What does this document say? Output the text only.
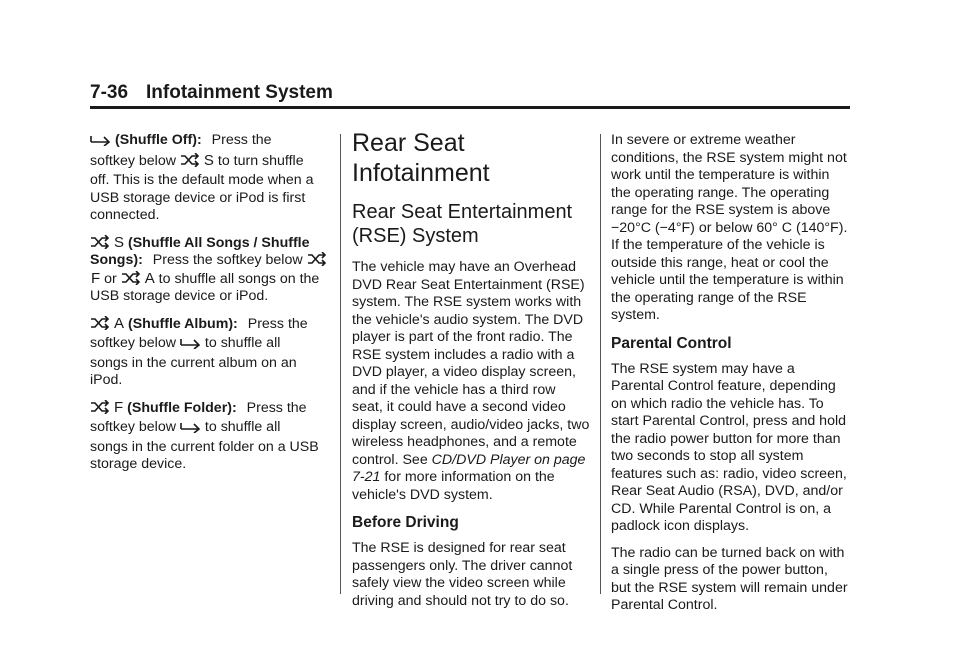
7-36 Infotainment System

(Shuffle Off): Press the

softkey below S to turn shuffle

off. This is the default mode when a USB storage device or iPod is first connected.

S (Shuffle All Songs / Shuffle Songs): Press the softkey below
F or A to shuffle all songs on the USB storage device or iPod.

A (Shuffle Album): Press the

softkey below to shuffle all

songs in the current album on an iPod.

F (Shuffle Folder): Press the

softkey below to shuffle all

songs in the current folder on a USB storage device.

Rear Seat Infotainment
Rear Seat Entertainment (RSE) System

The vehicle may have an Overhead DVD Rear Seat Entertainment (RSE) system. The RSE system works with the vehicle's audio system. The DVD player is part of the front radio. The RSE system includes a radio with a DVD player, a video display screen, and if the vehicle has a third row seat, it could have a second video display screen, audio/video jacks, two wireless headphones, and a remote control. See CD/DVD Player on page 7-21 for more information on the vehicle's DVD system.

Before Driving

The RSE is designed for rear seat passengers only. The driver cannot safely view the video screen while driving and should not try to do so.

In severe or extreme weather conditions, the RSE system might not work until the temperature is within the operating range. The operating range for the RSE system is above −20°C (−4°F) or below 60° C (140°F). If the temperature of the vehicle is outside this range, heat or cool the vehicle until the temperature is within the operating range of the RSE system.

Parental Control

The RSE system may have a Parental Control feature, depending on which radio the vehicle has. To start Parental Control, press and hold the radio power button for more than two seconds to stop all system features such as: radio, video screen, Rear Seat Audio (RSA), DVD, and/or CD. While Parental Control is on, a padlock icon displays.

The radio can be turned back on with a single press of the power button, but the RSE system will remain under Parental Control.
